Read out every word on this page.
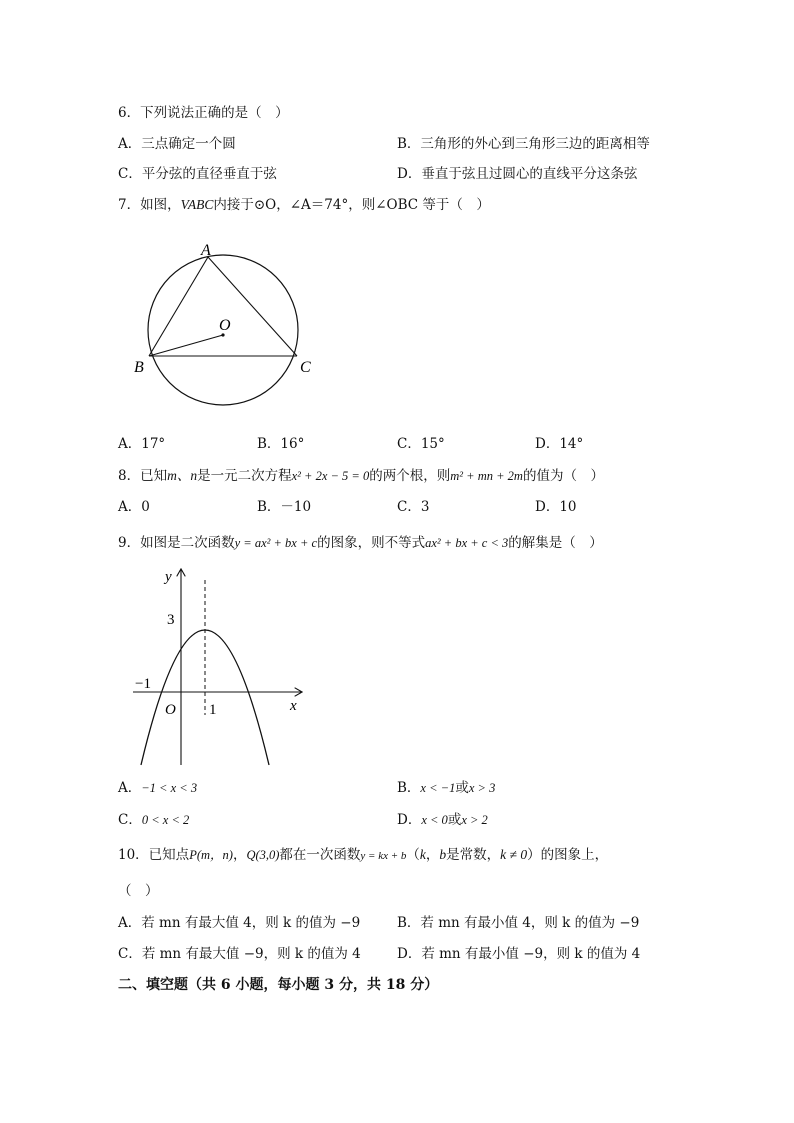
6．下列说法正确的是（　）
A．三点确定一个圆	B．三角形的外心到三角形三边的距离相等
C．平分弦的直径垂直于弦	D．垂直于弦且过圆心的直线平分这条弦
7．如图，VABC内接于⊙O，∠A＝74°，则∠OBC 等于（　）
A
O
B	C
A．17°	B．16°	C．15°	D．14°
8．已知m、n是一元二次方程x² + 2x − 5 = 0的两个根，则m² + mn + 2m的值为（　）
A．0	B．－10	C．3	D．10
9．如图是二次函数y = ax² + bx + c的图象，则不等式ax² + bx + c < 3的解集是（　）
y
x
3
−1
O 1
A．−1 < x < 3	B．x < −1或x > 3
C．0 < x < 2	D．x < 0或x > 2
10．已知点P(m，n)，Q(3,0)都在一次函数y = kx + b（k，b是常数，k ≠ 0）的图象上，
（　）
A．若 mn 有最大值 4，则 k 的值为 −9	B．若 mn 有最小值 4，则 k 的值为 −9
C．若 mn 有最大值 −9，则 k 的值为 4	D．若 mn 有最小值 −9，则 k 的值为 4
二、填空题（共 6 小题，每小题 3 分，共 18 分）
